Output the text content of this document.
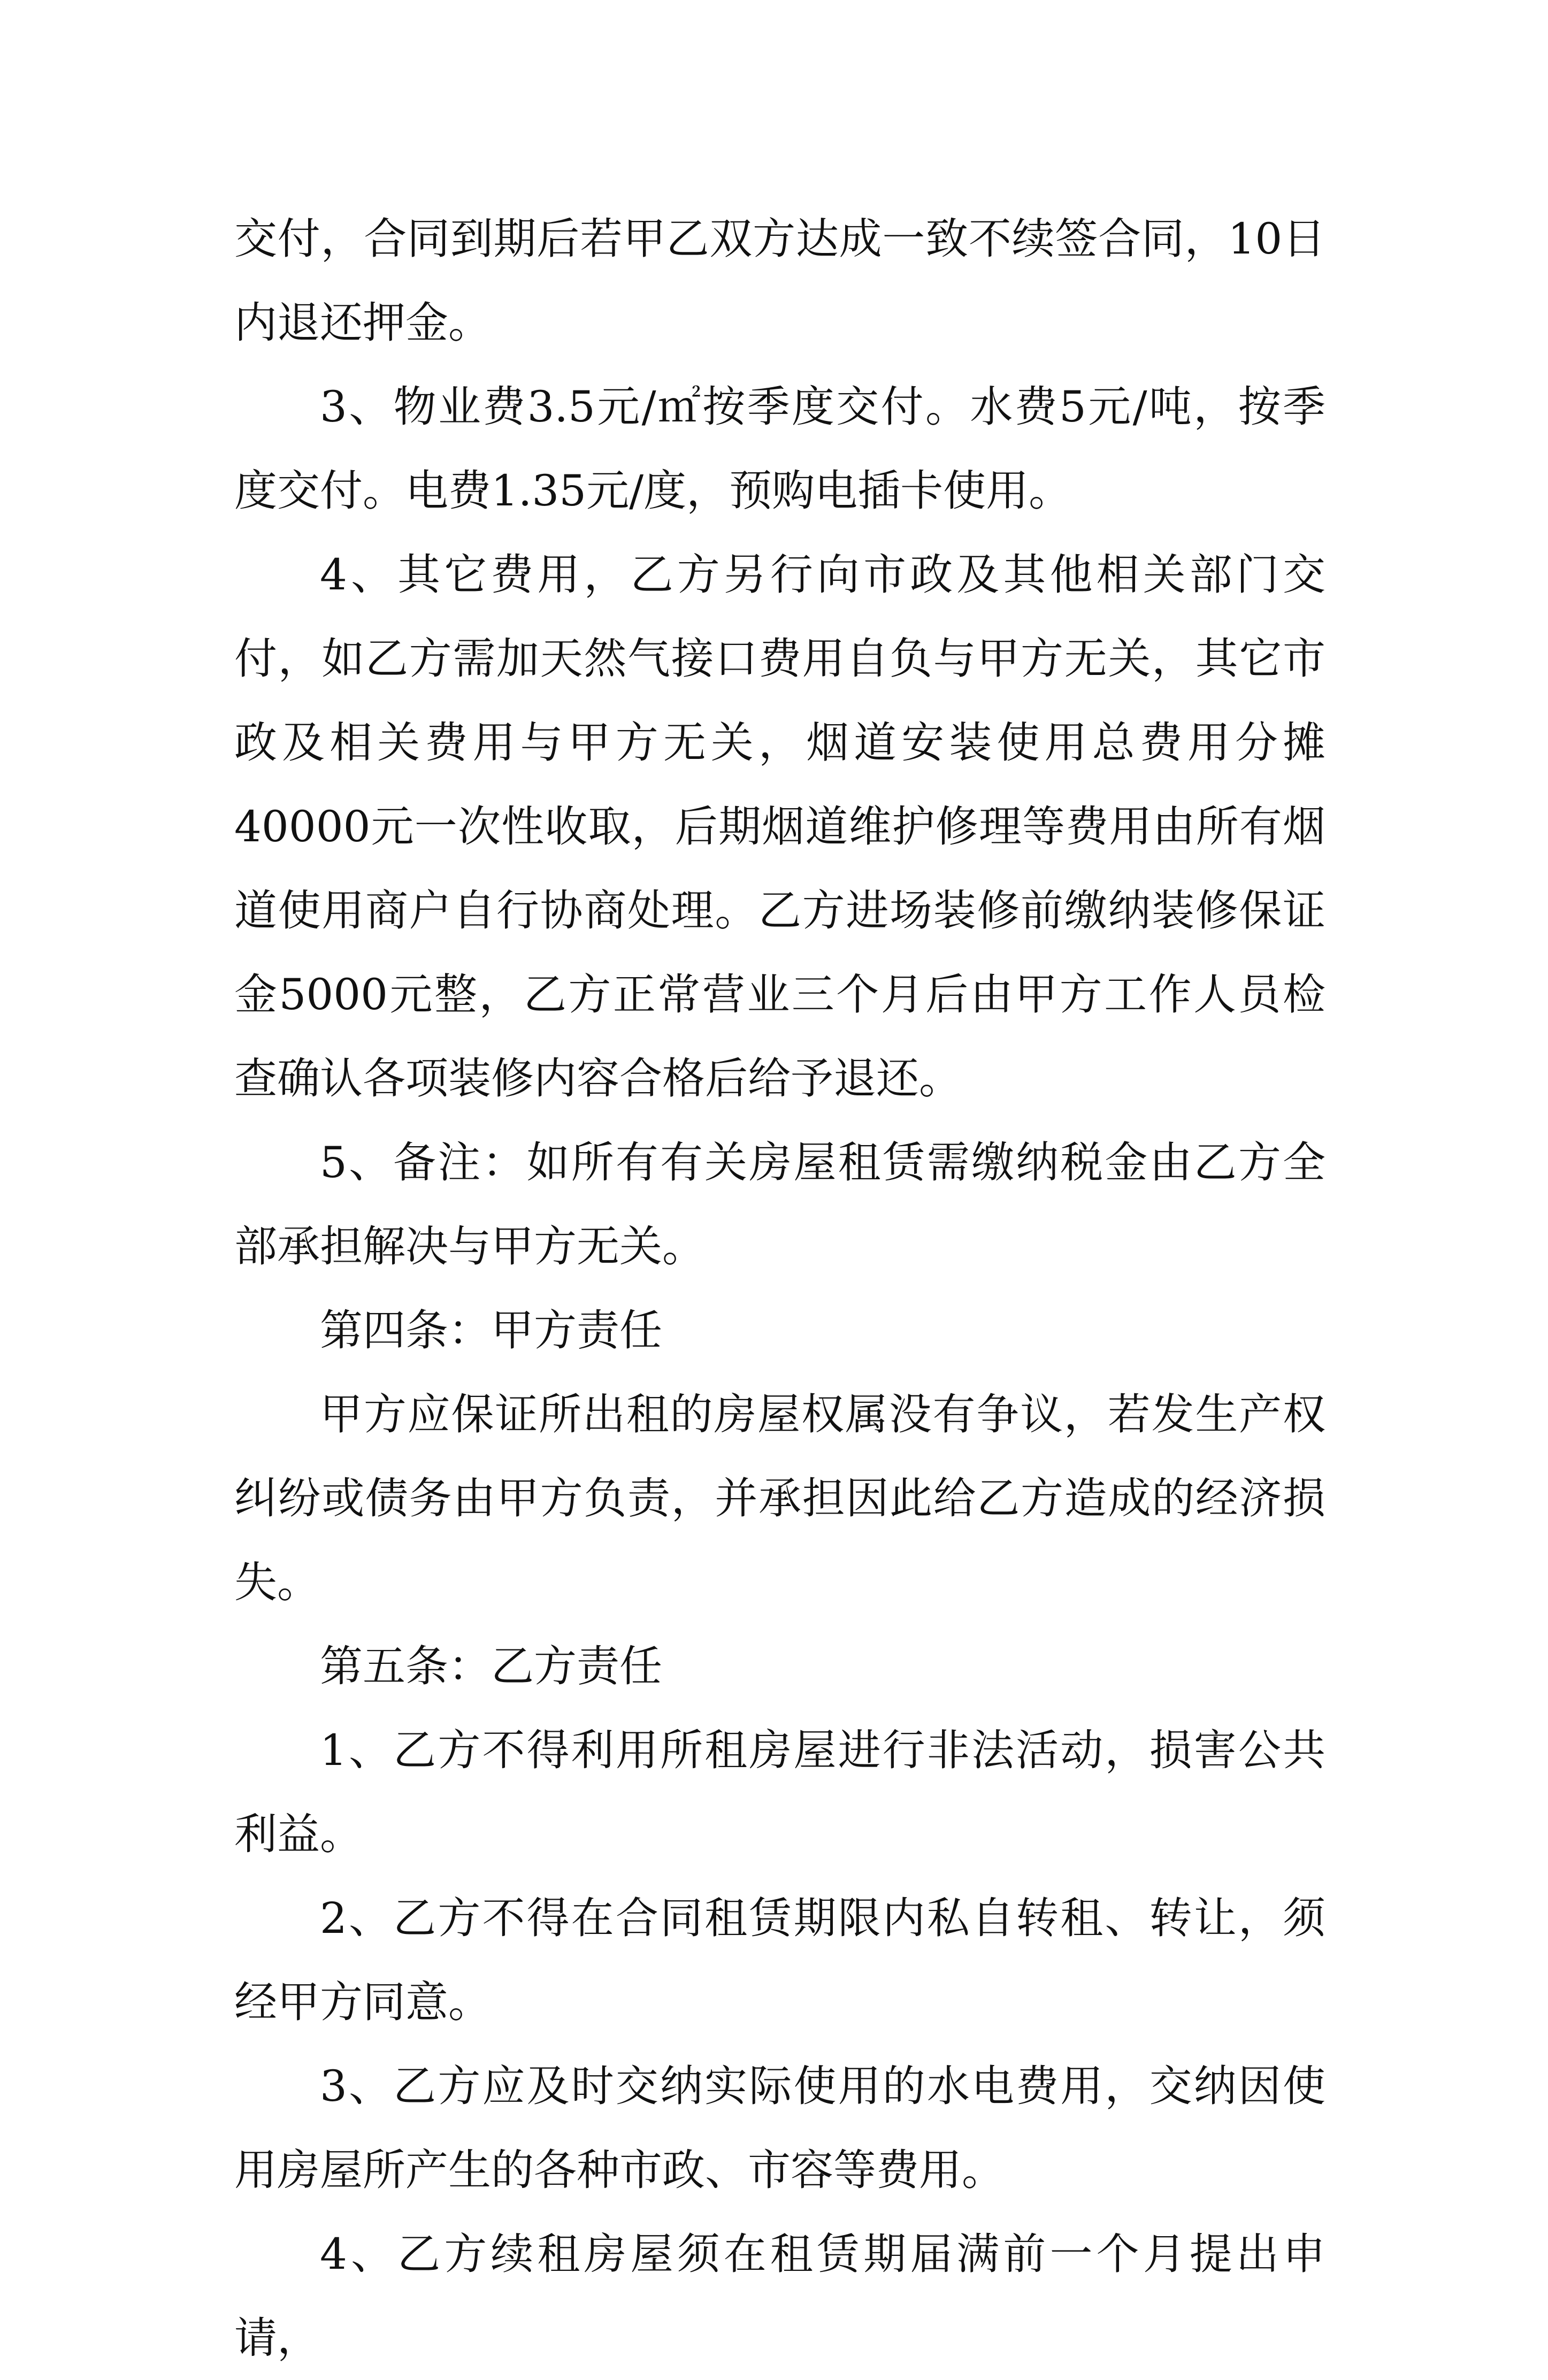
交付，合同到期后若甲乙双方达成一致不续签合同，10日内退还押金。

3、物业费3.5元/㎡按季度交付。水费5元/吨，按季度交付。电费1.35元/度，预购电插卡使用。

4、其它费用，乙方另行向市政及其他相关部门交付，如乙方需加天然气接口费用自负与甲方无关，其它市政及相关费用与甲方无关，烟道安装使用总费用分摊40000元一次性收取，后期烟道维护修理等费用由所有烟道使用商户自行协商处理。乙方进场装修前缴纳装修保证金5000元整，乙方正常营业三个月后由甲方工作人员检查确认各项装修内容合格后给予退还。

5、备注：如所有有关房屋租赁需缴纳税金由乙方全部承担解决与甲方无关。

第四条：甲方责任

甲方应保证所出租的房屋权属没有争议，若发生产权纠纷或债务由甲方负责，并承担因此给乙方造成的经济损失。

第五条：乙方责任

1、乙方不得利用所租房屋进行非法活动，损害公共利益。

2、乙方不得在合同租赁期限内私自转租、转让，须经甲方同意。

3、乙方应及时交纳实际使用的水电费用，交纳因使用房屋所产生的各种市政、市容等费用。

4、乙方续租房屋须在租赁期届满前一个月提出申请，
